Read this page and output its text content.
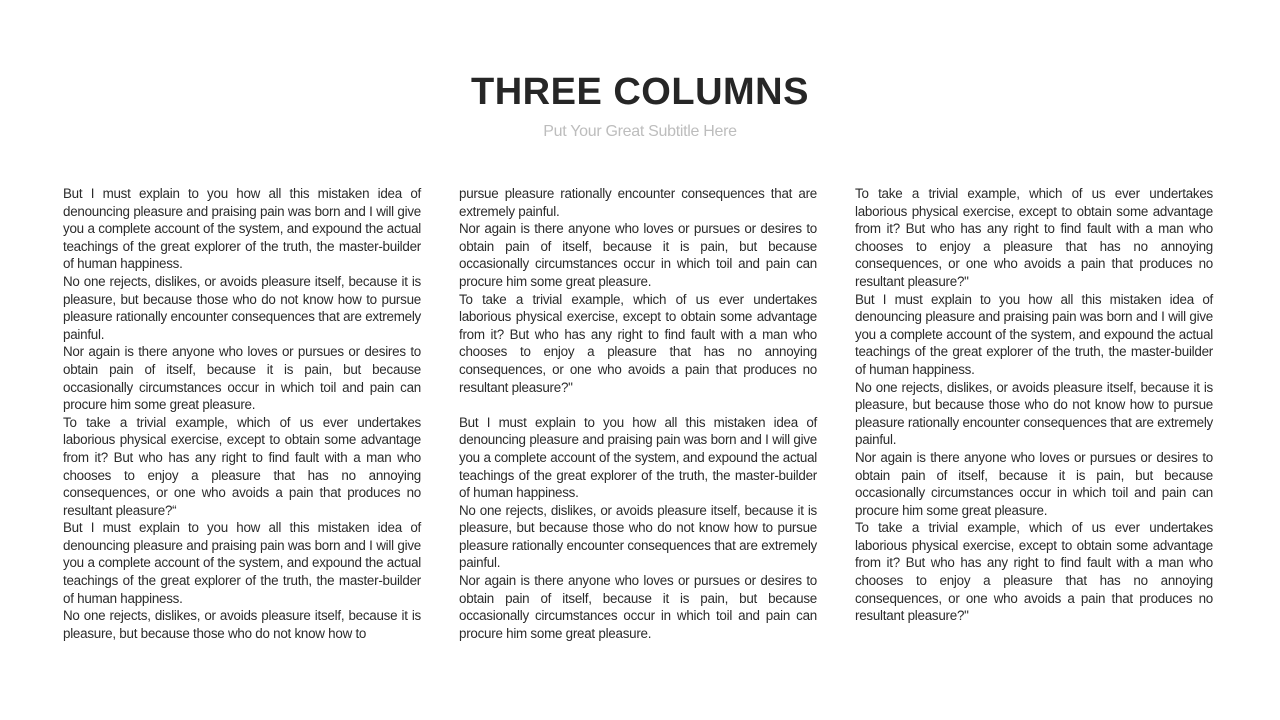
THREE COLUMNS
Put Your Great Subtitle Here

But I must explain to you how all this mistaken idea of denouncing pleasure and praising pain was born and I will give you a complete account of the system, and expound the actual teachings of the great explorer of the truth, the master-builder of human happiness.

No one rejects, dislikes, or avoids pleasure itself, because it is pleasure, but because those who do not know how to pursue pleasure rationally encounter consequences that are extremely painful.

Nor again is there anyone who loves or pursues or desires to obtain pain of itself, because it is pain, but because occasionally circumstances occur in which toil and pain can procure him some great pleasure.

To take a trivial example, which of us ever undertakes laborious physical exercise, except to obtain some advantage from it? But who has any right to find fault with a man who chooses to enjoy a pleasure that has no annoying consequences, or one who avoids a pain that produces no resultant pleasure?“

But I must explain to you how all this mistaken idea of denouncing pleasure and praising pain was born and I will give you a complete account of the system, and expound the actual teachings of the great explorer of the truth, the master-builder of human happiness.

No one rejects, dislikes, or avoids pleasure itself, because it is pleasure, but because those who do not know how to

pursue pleasure rationally encounter consequences that are extremely painful.

Nor again is there anyone who loves or pursues or desires to obtain pain of itself, because it is pain, but because occasionally circumstances occur in which toil and pain can procure him some great pleasure.

To take a trivial example, which of us ever undertakes laborious physical exercise, except to obtain some advantage from it? But who has any right to find fault with a man who chooses to enjoy a pleasure that has no annoying consequences, or one who avoids a pain that produces no resultant pleasure?"

But I must explain to you how all this mistaken idea of denouncing pleasure and praising pain was born and I will give you a complete account of the system, and expound the actual teachings of the great explorer of the truth, the master-builder of human happiness.

No one rejects, dislikes, or avoids pleasure itself, because it is pleasure, but because those who do not know how to pursue pleasure rationally encounter consequences that are extremely painful.

Nor again is there anyone who loves or pursues or desires to obtain pain of itself, because it is pain, but because occasionally circumstances occur in which toil and pain can procure him some great pleasure.

To take a trivial example, which of us ever undertakes laborious physical exercise, except to obtain some advantage from it? But who has any right to find fault with a man who chooses to enjoy a pleasure that has no annoying consequences, or one who avoids a pain that produces no resultant pleasure?"

But I must explain to you how all this mistaken idea of denouncing pleasure and praising pain was born and I will give you a complete account of the system, and expound the actual teachings of the great explorer of the truth, the master-builder of human happiness.

No one rejects, dislikes, or avoids pleasure itself, because it is pleasure, but because those who do not know how to pursue pleasure rationally encounter consequences that are extremely painful.

Nor again is there anyone who loves or pursues or desires to obtain pain of itself, because it is pain, but because occasionally circumstances occur in which toil and pain can procure him some great pleasure.

To take a trivial example, which of us ever undertakes laborious physical exercise, except to obtain some advantage from it? But who has any right to find fault with a man who chooses to enjoy a pleasure that has no annoying consequences, or one who avoids a pain that produces no resultant pleasure?"
